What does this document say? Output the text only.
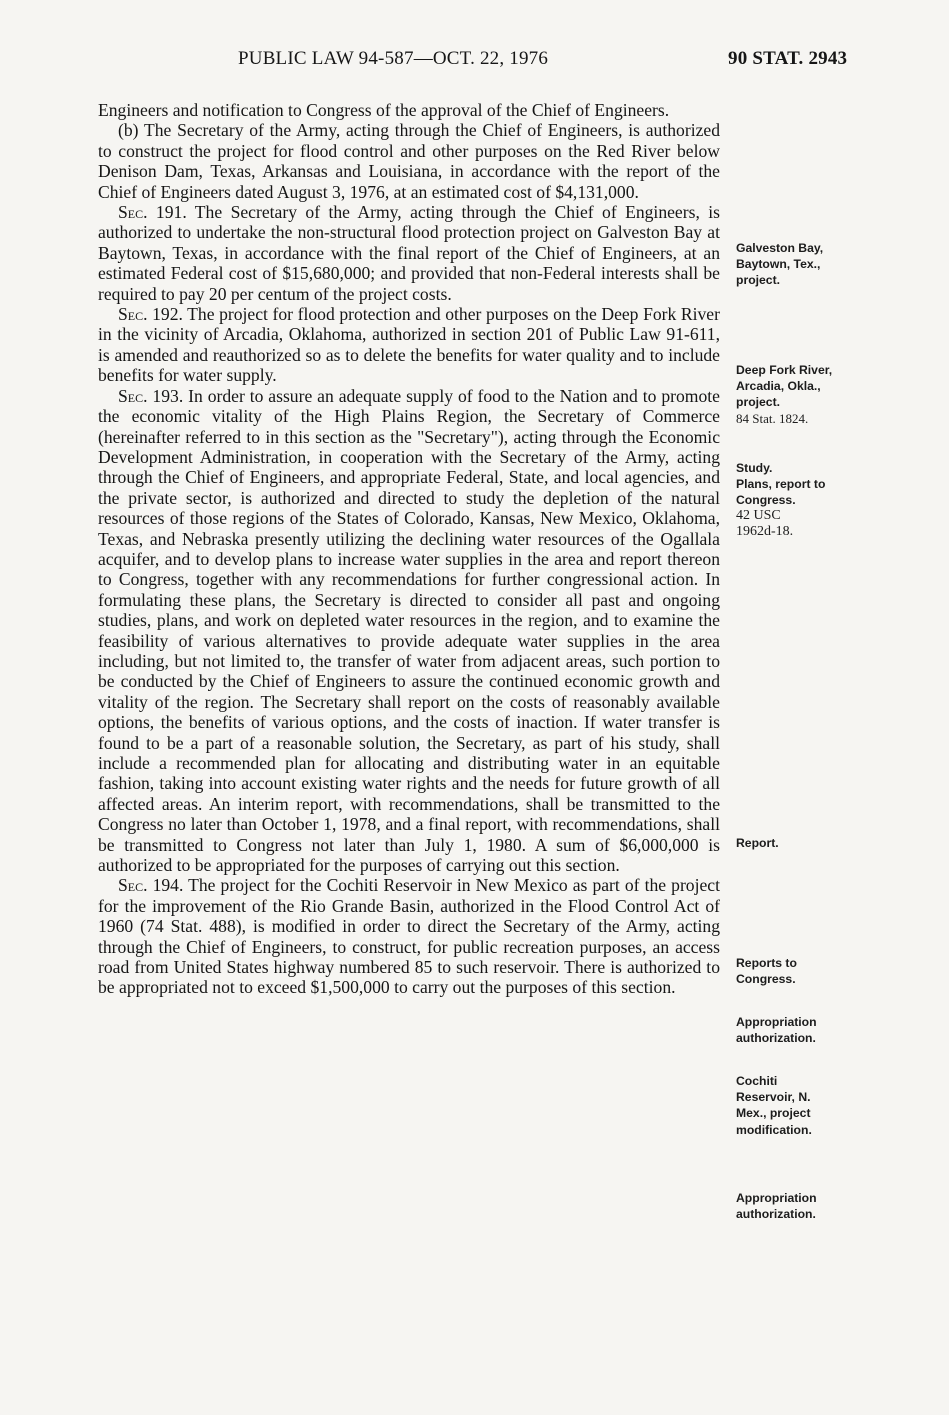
PUBLIC LAW 94-587—OCT. 22, 1976	90 STAT. 2943

Engineers and notification to Congress of the approval of the Chief of Engineers.

(b) The Secretary of the Army, acting through the Chief of Engineers, is authorized to construct the project for flood control and other purposes on the Red River below Denison Dam, Texas, Arkansas and Louisiana, in accordance with the report of the Chief of Engineers dated August 3, 1976, at an estimated cost of $4,131,000.

Sec. 191. The Secretary of the Army, acting through the Chief of Engineers, is authorized to undertake the non-structural flood protection project on Galveston Bay at Baytown, Texas, in accordance with the final report of the Chief of Engineers, at an estimated Federal cost of $15,680,000; and provided that non-Federal interests shall be required to pay 20 per centum of the project costs.

Sec. 192. The project for flood protection and other purposes on the Deep Fork River in the vicinity of Arcadia, Oklahoma, authorized in section 201 of Public Law 91-611, is amended and reauthorized so as to delete the benefits for water quality and to include benefits for water supply.

Sec. 193. In order to assure an adequate supply of food to the Nation and to promote the economic vitality of the High Plains Region, the Secretary of Commerce (hereinafter referred to in this section as the "Secretary"), acting through the Economic Development Administration, in cooperation with the Secretary of the Army, acting through the Chief of Engineers, and appropriate Federal, State, and local agencies, and the private sector, is authorized and directed to study the depletion of the natural resources of those regions of the States of Colorado, Kansas, New Mexico, Oklahoma, Texas, and Nebraska presently utilizing the declining water resources of the Ogallala acquifer, and to develop plans to increase water supplies in the area and report thereon to Congress, together with any recommendations for further congressional action. In formulating these plans, the Secretary is directed to consider all past and ongoing studies, plans, and work on depleted water resources in the region, and to examine the feasibility of various alternatives to provide adequate water supplies in the area including, but not limited to, the transfer of water from adjacent areas, such portion to be conducted by the Chief of Engineers to assure the continued economic growth and vitality of the region. The Secretary shall report on the costs of reasonably available options, the benefits of various options, and the costs of inaction. If water transfer is found to be a part of a reasonable solution, the Secretary, as part of his study, shall include a recommended plan for allocating and distributing water in an equitable fashion, taking into account existing water rights and the needs for future growth of all affected areas. An interim report, with recommendations, shall be transmitted to the Congress no later than October 1, 1978, and a final report, with recommendations, shall be transmitted to Congress not later than July 1, 1980. A sum of $6,000,000 is authorized to be appropriated for the purposes of carrying out this section.

Sec. 194. The project for the Cochiti Reservoir in New Mexico as part of the project for the improvement of the Rio Grande Basin, authorized in the Flood Control Act of 1960 (74 Stat. 488), is modified in order to direct the Secretary of the Army, acting through the Chief of Engineers, to construct, for public recreation purposes, an access road from United States highway numbered 85 to such reservoir. There is authorized to be appropriated not to exceed $1,500,000 to carry out the purposes of this section.

Galveston Bay,
Baytown, Tex.,
project.
Deep Fork River,
Arcadia, Okla.,
project.
84 Stat. 1824.
Study.
Plans, report to
Congress.
42 USC
1962d-18.
Report.
Reports to
Congress.
Appropriation
authorization.
Cochiti
Reservoir, N.
Mex., project
modification.
Appropriation
authorization.
